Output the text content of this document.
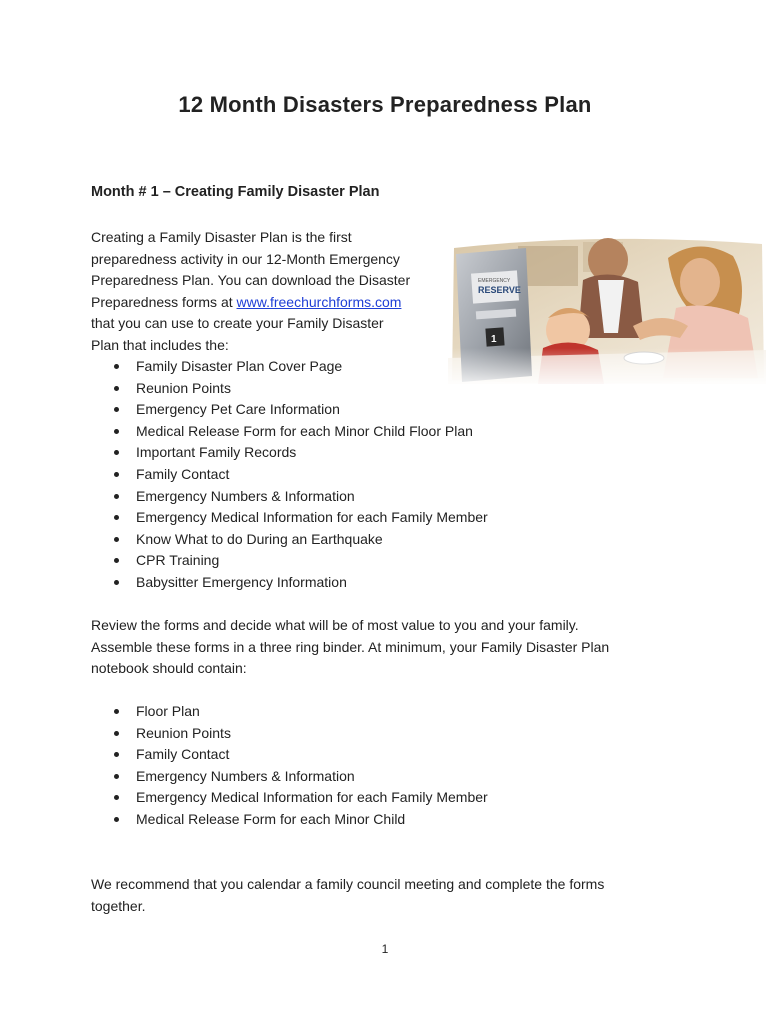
12 Month Disasters Preparedness Plan
Month # 1 – Creating Family Disaster Plan

Creating a Family Disaster Plan is the first

preparedness activity in our 12-Month Emergency

Preparedness Plan. You can download the Disaster

Preparedness forms at www.freechurchforms.com

that you can use to create your Family Disaster

Plan that includes the:

EMERGENCY
RESERVE
1
Family Disaster Plan Cover Page
Reunion Points
Emergency Pet Care Information
Medical Release Form for each Minor Child Floor Plan
Important Family Records
Family Contact
Emergency Numbers & Information
Emergency Medical Information for each Family Member
Know What to do During an Earthquake
CPR Training
Babysitter Emergency Information

Review the forms and decide what will be of most value to you and your family.

Assemble these forms in a three ring binder. At minimum, your Family Disaster Plan

notebook should contain:

Floor Plan
Reunion Points
Family Contact
Emergency Numbers & Information
Emergency Medical Information for each Family Member
Medical Release Form for each Minor Child

We recommend that you calendar a family council meeting and complete the forms

together.

1
